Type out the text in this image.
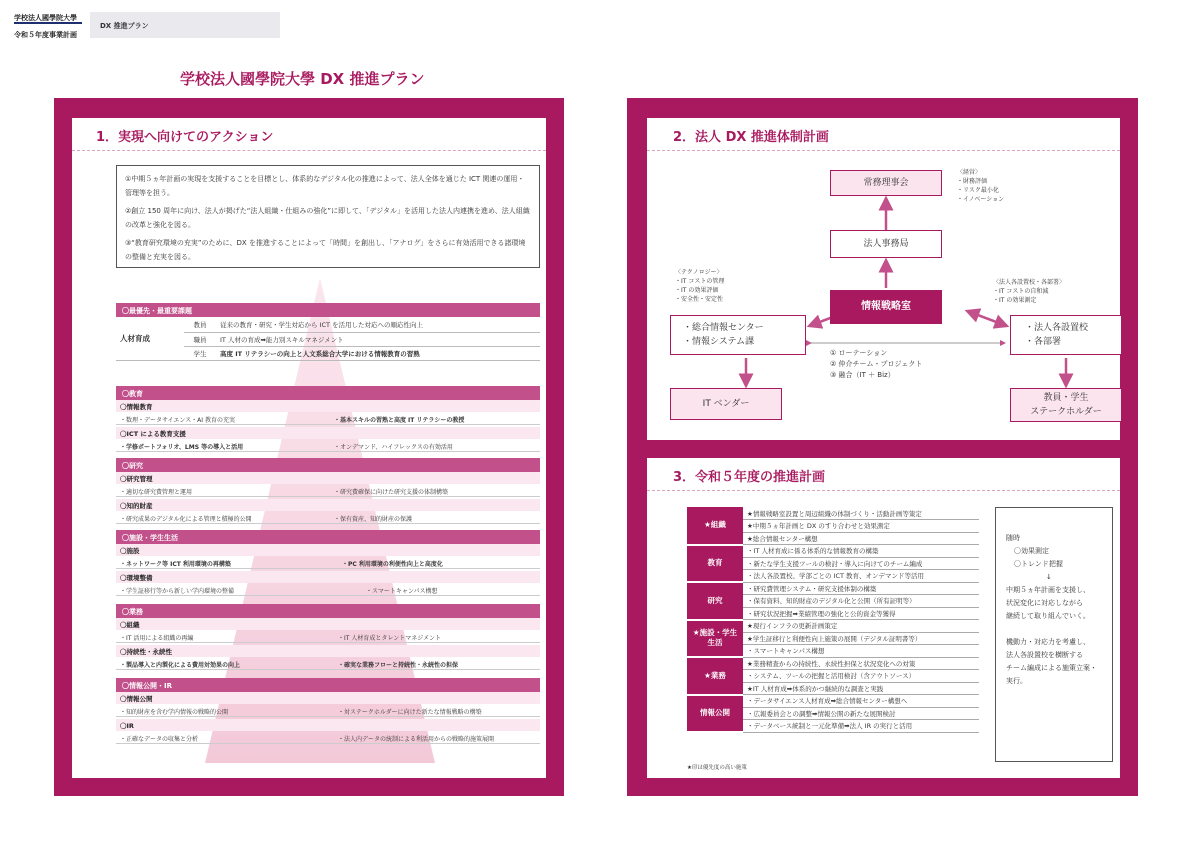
学校法人國學院大學
令和５年度事業計画
DX 推進プラン
学校法人國學院大學 DX 推進プラン
1．実現へ向けてのアクション

①中期５ヵ年計画の実現を支援することを目標とし、体系的なデジタル化の推進によって、法人全体を通じた ICT 関連の運用・管理等を担う。

②創立 150 周年に向け、法人が掲げた“法人組織・仕組みの強化”に即して、「デジタル」を活用した法人内連携を進め、法人組織の改革と強化を図る。

③“教育研究環境の充実”のために、DX を推進することによって「時間」を創出し、「アナログ」をさらに有効活用できる諸環境の整備と充実を図る。

〇最優先・最重要課題
人材育成	教員	従来の教育・研究・学生対応から ICT を活用した対応への順応性向上
	職員	IT 人材の育成➡能力別スキルマネジメント
	学生	高度 IT リテラシーの向上と人文系総合大学における情報教育の習熟
〇教育
〇情報教育
・数理・データサイエンス・AI 教育の充実	・基本スキルの習熟と高度 IT リテラシーの教授
〇ICT による教育支援
・学修ポートフォリオ、LMS 等の導入と活用	・オンデマンド、ハイフレックスの有効活用
〇研究
〇研究管理
・適切な研究費管理と運用	・研究費確保に向けた研究支援の体制構築
〇知的財産
・研究成果のデジタル化による管理と積極的公開	・保有資産、知的財産の保護
〇施設・学生生活
〇施設
・ネットワーク等 ICT 利用環境の再構築	・PC 利用環境の利便性向上と高度化
〇環境整備
・学生証移行等から新しい学内環境の整備	・スマートキャンパス構想
〇業務
〇組織
・IT 活用による組織の再編	・IT 人材育成とタレントマネジメント
〇持続性・永続性
・製品導入と内製化による費用対効果の向上	・確実な業務フローと持続性・永続性の担保
〇情報公開・IR
〇情報公開
・知的財産を含む学内情報の戦略的公開	・対ステークホルダーに向けた新たな情報戦略の構築
〇IR
・正確なデータの収集と分析	・法人内データの統制による利活用からの戦略的施策展開
2．法人 DX 推進体制計画
常務理事会
法人事務局
情報戦略室
・総合情報センター
・情報システム課
・法人各設置校
・各部署
IT ベンダー
教員・学生
ステークホルダー
〈経営〉
・財務評価
・リスク最小化
・イノベーション
〈テクノロジー〉
・IT コストの管理
・IT の効果評価
・安全性・安定性
〈法人各設置校・各部署〉
・IT コストの自和減
・IT の効果測定
① ローテーション
② 仲介チーム・プロジェクト
③ 融合（IT ＋ Biz）
3．令和５年度の推進計画
★組織	★情報戦略室設置と周辺組織の体制づくり・活動計画等策定
	★中期５ヵ年計画と DX のすり合わせと効果測定
	★総合情報センター構想
教育	・IT 人材育成に係る体系的な情報教育の構築
	・新たな学生支援ツールの検討・導入に向けてのチーム編成
	・法人各設置校、学部ごとの ICT 教育、オンデマンド等活用
研究	・研究費管理システム・研究支援体制の構築
	・保有資料、知的財産のデジタル化と公開（所有証明等）
	・研究状況把握➡業績管理の強化と公的資金等獲得
★施設・学生生活	★現行インフラの更新計画策定
	★学生証移行と利便性向上施策の展開（デジタル証明書等）
	・スマートキャンパス構想
★業務	★業務精査からの持続性、永続性担保と状況変化への対策
	・システム、ツールの把握と活用検討（含アウトソース）
	★IT 人材育成➡体系的かつ継続的な調査と実践
情報公開	・データサイエンス人材育成➡総合情報センター構想へ
	・広報委員会との調整➡情報公開の新たな展開検討
	・データベース統制と一元化準備➡法人 IR の実行と活用
★印は優先度の高い施策
随時
〇効果測定
〇トレンド把握
↓
中期５ヵ年計画を支援し、
状況変化に対応しながら
継続して取り組んでいく。
機動力・対応力を考慮し、
法人各設置校を横断する
チーム編成による施策立案・
実行。
